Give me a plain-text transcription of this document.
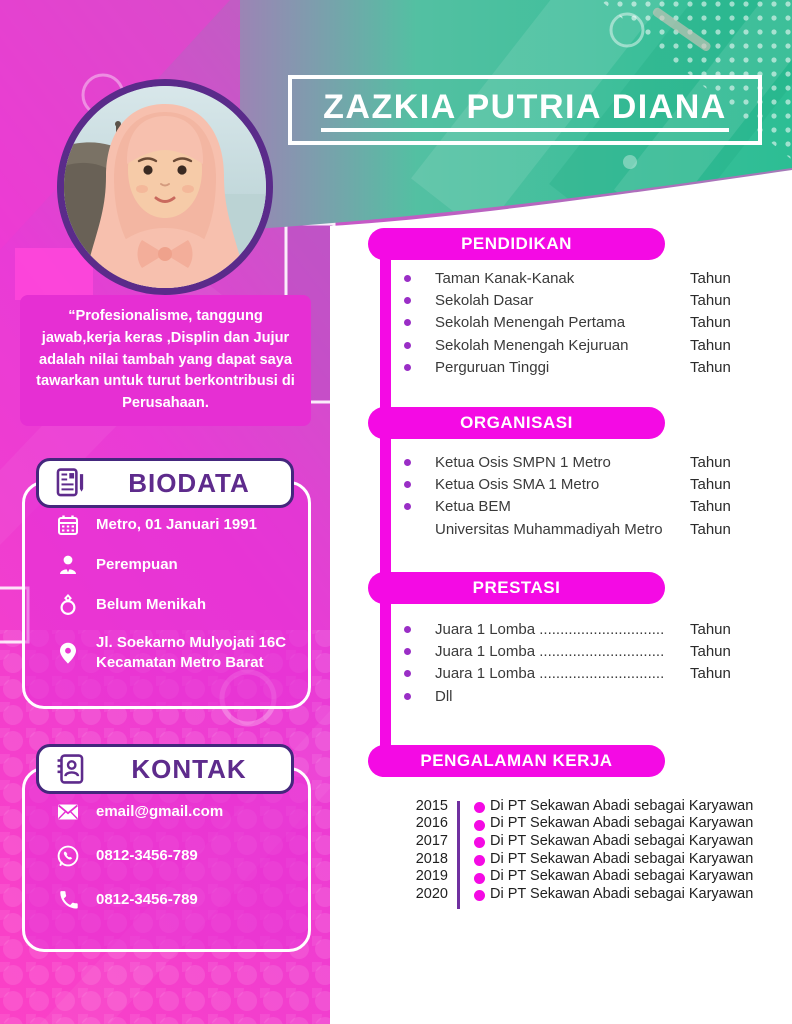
ZAZKIA PUTRIA DIANA
“Profesionalisme, tanggung jawab,kerja keras ,Displin dan Jujur adalah nilai tambah yang dapat saya tawarkan untuk turut berkontribusi di Perusahaan.
BIODATA
Metro, 01 Januari 1991
Perempuan
Belum Menikah
Jl. Soekarno Mulyojati 16C Kecamatan Metro Barat
KONTAK
email@gmail.com
0812-3456-789
0812-3456-789
PENDIDIKAN
Taman Kanak-Kanak	Tahun
Sekolah Dasar	Tahun
Sekolah Menengah Pertama	Tahun
Sekolah Menengah Kejuruan	Tahun
Perguruan Tinggi	Tahun
ORGANISASI
Ketua Osis SMPN 1 Metro	Tahun
Ketua Osis SMA 1 Metro	Tahun
Ketua BEM	Tahun
Universitas Muhammadiyah Metro	Tahun
PRESTASI
Juara 1 Lomba ..............................	Tahun
Juara 1 Lomba ..............................	Tahun
Juara 1 Lomba ..............................	Tahun
Dll
PENGALAMAN KERJA
2015	Di PT Sekawan Abadi sebagai Karyawan
2016	Di PT Sekawan Abadi sebagai Karyawan
2017	Di PT Sekawan Abadi sebagai Karyawan
2018	Di PT Sekawan Abadi sebagai Karyawan
2019	Di PT Sekawan Abadi sebagai Karyawan
2020	Di PT Sekawan Abadi sebagai Karyawan
